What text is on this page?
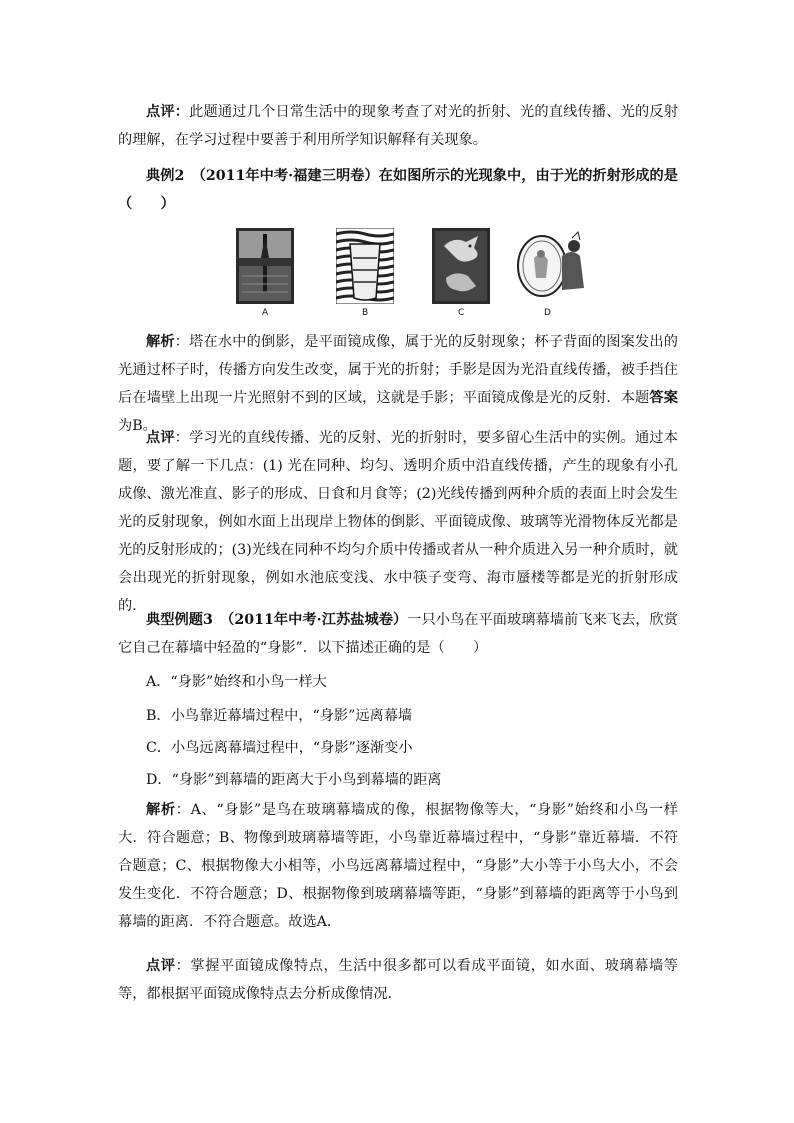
点评：此题通过几个日常生活中的现象考查了对光的折射、光的直线传播、光的反射的理解，在学习过程中要善于利用所学知识解释有关现象。

典例2　（2011年中考·福建三明卷）在如图所示的光现象中，由于光的折射形成的是（　　）

A	B	C	D

解析：塔在水中的倒影，是平面镜成像，属于光的反射现象；杯子背面的图案发出的光通过杯子时，传播方向发生改变，属于光的折射；手影是因为光沿直线传播，被手挡住后在墙壁上出现一片光照射不到的区域，这就是手影；平面镜成像是光的反射．本题答案为B。

点评：学习光的直线传播、光的反射、光的折射时，要多留心生活中的实例。通过本题，要了解一下几点：(1) 光在同种、均匀、透明介质中沿直线传播，产生的现象有小孔成像、激光准直、影子的形成、日食和月食等；(2)光线传播到两种介质的表面上时会发生光的反射现象，例如水面上出现岸上物体的倒影、平面镜成像、玻璃等光滑物体反光都是光的反射形成的；(3)光线在同种不均匀介质中传播或者从一种介质进入另一种介质时，就会出现光的折射现象，例如水池底变浅、水中筷子变弯、海市蜃楼等都是光的折射形成的．

典型例题3　（2011年中考·江苏盐城卷）一只小鸟在平面玻璃幕墙前飞来飞去，欣赏它自己在幕墙中轻盈的“身影”．以下描述正确的是（　　）

A．“身影”始终和小鸟一样大

B．小鸟靠近幕墙过程中，“身影”远离幕墙

C．小鸟远离幕墙过程中，“身影”逐渐变小

D．“身影”到幕墙的距离大于小鸟到幕墙的距离

解析：A、“身影”是鸟在玻璃幕墙成的像，根据物像等大，“身影”始终和小鸟一样大．符合题意；B、物像到玻璃幕墙等距，小鸟靠近幕墙过程中，“身影”靠近幕墙．不符合题意；C、根据物像大小相等，小鸟远离幕墙过程中，“身影”大小等于小鸟大小，不会发生变化．不符合题意；D、根据物像到玻璃幕墙等距，“身影”到幕墙的距离等于小鸟到幕墙的距离．不符合题意。故选A．

点评：掌握平面镜成像特点，生活中很多都可以看成平面镜，如水面、玻璃幕墙等等，都根据平面镜成像特点去分析成像情况．
